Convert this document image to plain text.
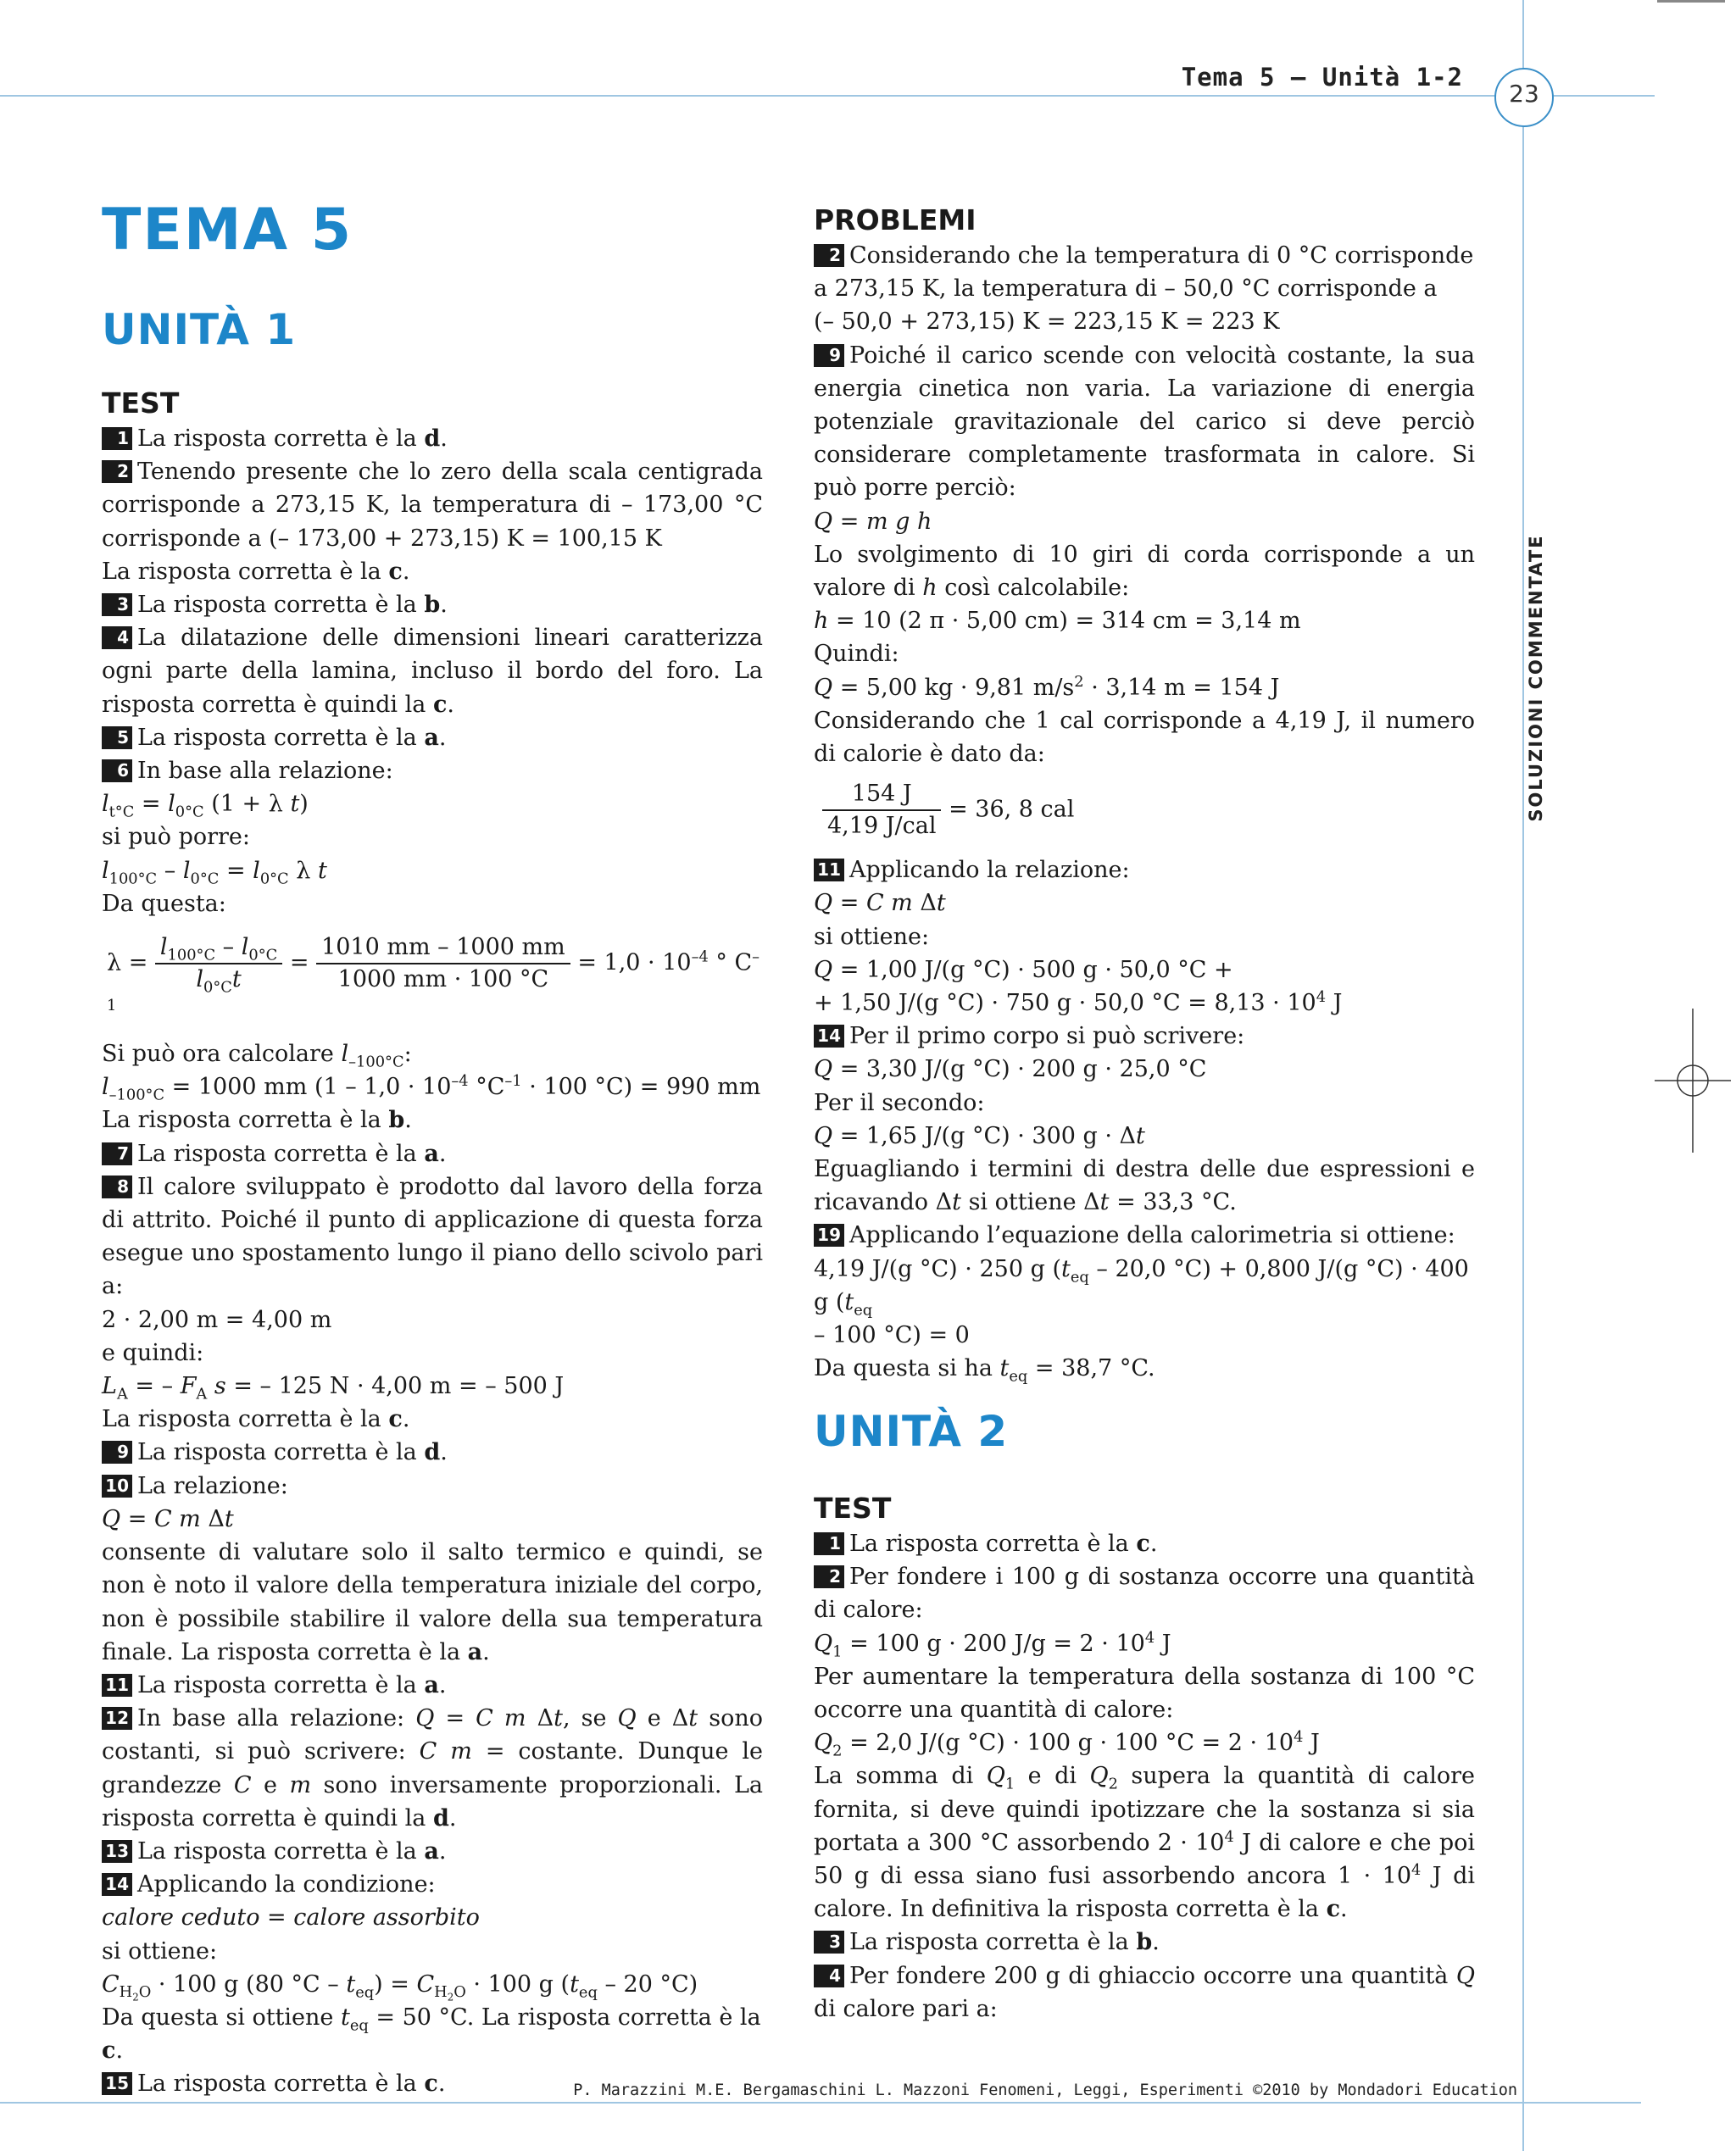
Tema 5 – Unità 1-2
23
SOLUZIONI COMMENTATE
P. Marazzini M.E. Bergamaschini L. Mazzoni Fenomeni, Leggi, Esperimenti ©2010 by Mondadori Education
TEMA 5
UNITÀ 1
TEST

1 La risposta corretta è la d.

2 Tenendo presente che lo zero della scala centigrada corrisponde a 273,15 K, la temperatura di – 173,00 °C corrisponde a (– 173,00 + 273,15) K = 100,15 K

La risposta corretta è la c.

3 La risposta corretta è la b.

4 La dilatazione delle dimensioni lineari caratterizza ogni parte della lamina, incluso il bordo del foro. La risposta corretta è quindi la c.

5 La risposta corretta è la a.

6 In base alla relazione:

$l_{t^\circ C} = l_{0^\circ C}$ (1 + λ t)

si può porre:

$l_{100^\circ C} - l_{0^\circ C} = l_{0^\circ C}$ λ t

Da questa:

$\lambda = \frac{l_{100^\circ C} - l_{0^\circ C}}{l_{0^\circ C}t} = \frac{1010 mm - 1000 mm}{1000 mm \cdot 100 ^\circ C} = 1,0 \cdot 10^{-4}$ ° $C^{-1}$

Si può ora calcolare $l_{-100^\circ C}$:

$l_{-100^\circ C} = 1000$ mm ($1 - 1,0 \cdot 10^{-4}$ $^\circ C^{-1} \cdot 100$ °C) = 990 mm

La risposta corretta è la b.

7 La risposta corretta è la a.

8 Il calore sviluppato è prodotto dal lavoro della forza di attrito. Poiché il punto di applicazione di questa forza esegue uno spostamento lungo il piano dello scivolo pari a:

2 · 2,00 m = 4,00 m

e quindi:

$L_A$ = – $F_A$ s = – 125 N · 4,00 m = – 500 J

La risposta corretta è la c.

9 La risposta corretta è la d.

10 La relazione:

Q = C m Δt

consente di valutare solo il salto termico e quindi, se non è noto il valore della temperatura iniziale del corpo, non è possibile stabilire il valore della sua temperatura finale. La risposta corretta è la a.

11 La risposta corretta è la a.

12 In base alla relazione: Q = C m Δt, se Q e Δt sono costanti, si può scrivere: C m = costante. Dunque le grandezze C e m sono inversamente proporzionali. La risposta corretta è quindi la d.

13 La risposta corretta è la a.

14 Applicando la condizione:

calore ceduto = calore assorbito

si ottiene:

$C_{H_2O} \cdot 100$ g (80 $^\circ C - t_{eq}) = C_{H_2O} \cdot 100$ g ($t_{eq} - 20$ °C)

Da questa si ottiene $t_{eq} = 50$ °C. La risposta corretta è la c.

15 La risposta corretta è la c.

PROBLEMI

2 Considerando che la temperatura di 0 °C corrisponde a 273,15 K, la temperatura di – 50,0 °C corrisponde a

(– 50,0 + 273,15) K = 223,15 K = 223 K

9 Poiché il carico scende con velocità costante, la sua energia cinetica non varia. La variazione di energia potenziale gravitazionale del carico si deve perciò considerare completamente trasformata in calore. Si può porre perciò:

Q = m g h

Lo svolgimento di 10 giri di corda corrisponde a un valore di h così calcolabile:

h = 10 (2 π · 5,00 cm) = 314 cm = 3,14 m

Quindi:

Q = 5,00 kg · 9,81 $m/s^2 \cdot 3,14$ m = 154 J

Considerando che 1 cal corrisponde a 4,19 J, il numero di calorie è dato da:

$\frac{154 J}{\text{4,19 J/cal}} = 36$, 8 cal

11 Applicando la relazione:

Q = C m Δt

si ottiene:

Q = 1,00 J/(g °C) · 500 g · 50,0 °C +

+ 1,50 J/(g °C) · 750 g · 50,0 $^\circ C = 8,13 \cdot 10^4$ J

14 Per il primo corpo si può scrivere:

Q = 3,30 J/(g °C) · 200 g · 25,0 °C

Per il secondo:

Q = 1,65 J/(g °C) · 300 g · Δt

Eguagliando i termini di destra delle due espressioni e ricavando Δt si ottiene Δt = 33,3 °C.

19 Applicando l’equazione della calorimetria si ottiene:

4,19 J/(g °C) · 250 g ($t_{eq} - 20,0$ °C) + 0,800 J/(g °C) · 400 g ($t_{eq}$

– 100 °C) = 0

Da questa si ha $t_{eq} = 38,7$ °C.

UNITÀ 2
TEST

1 La risposta corretta è la c.

2 Per fondere i 100 g di sostanza occorre una quantità di calore:

$Q_1 = 100$ g · 200 $J/g = 2 \cdot 10^4$ J

Per aumentare la temperatura della sostanza di 100 °C occorre una quantità di calore:

$Q_2 = 2,0$ J/(g °C) · 100 g · 100 $^\circ C = 2 \cdot 10^4$ J

La somma di $Q_1$ e di $Q_2$ supera la quantità di calore fornita, si deve quindi ipotizzare che la sostanza si sia portata a 300 °C assorbendo $2 \cdot 10^4$ J di calore e che poi 50 g di essa siano fusi assorbendo ancora $1 \cdot 10^4$ J di calore. In definitiva la risposta corretta è la c.

3 La risposta corretta è la b.

4 Per fondere 200 g di ghiaccio occorre una quantità Q di calore pari a:
